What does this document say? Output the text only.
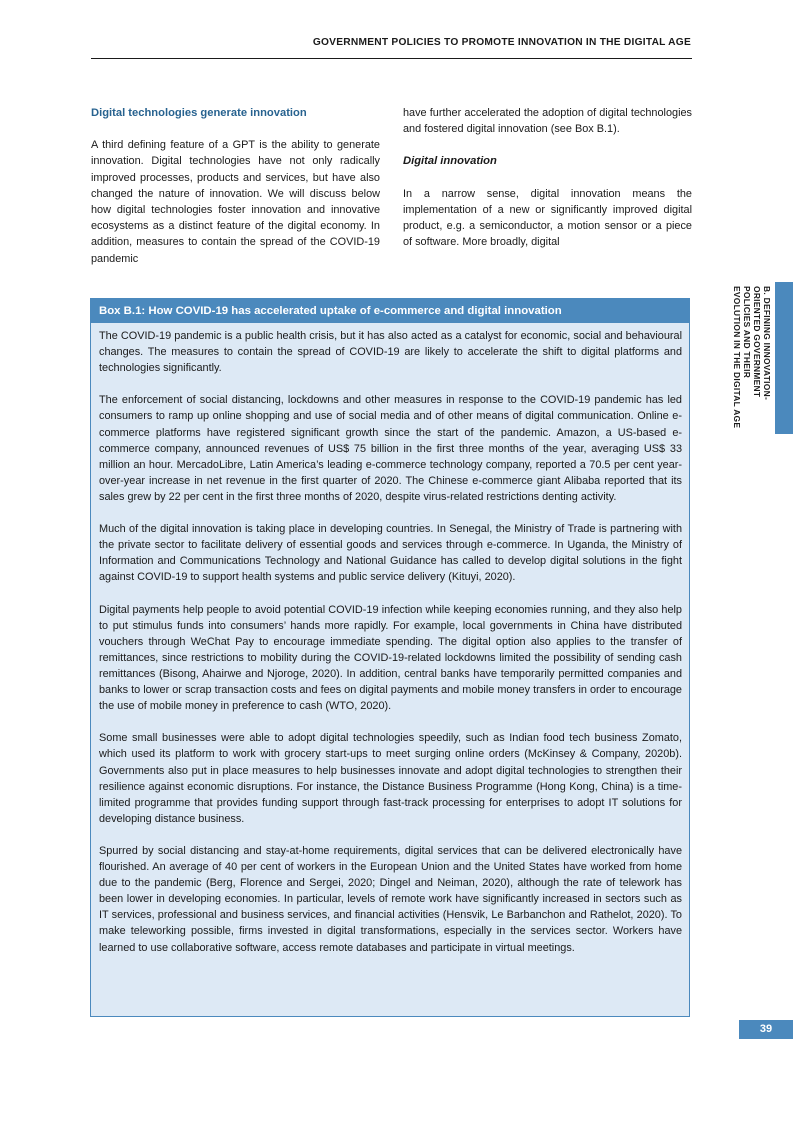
GOVERNMENT POLICIES TO PROMOTE INNOVATION IN THE DIGITAL AGE
Digital technologies generate innovation

A third defining feature of a GPT is the ability to generate innovation. Digital technologies have not only radically improved processes, products and services, but have also changed the nature of innovation. We will discuss below how digital technologies foster innovation and innovative ecosystems as a distinct feature of the digital economy. In addition, measures to contain the spread of the COVID-19 pandemic

have further accelerated the adoption of digital technologies and fostered digital innovation (see Box B.1).

Digital innovation

In a narrow sense, digital innovation means the implementation of a new or significantly improved digital product, e.g. a semiconductor, a motion sensor or a piece of software. More broadly, digital

B. DEFINING INNOVATION-
ORIENTED GOVERNMENT
POLICIES AND THEIR
EVOLUTION IN THE DIGITAL AGE
Box B.1: How COVID-19 has accelerated uptake of e-commerce and digital innovation

The COVID-19 pandemic is a public health crisis, but it has also acted as a catalyst for economic, social and behavioural changes. The measures to contain the spread of COVID-19 are likely to accelerate the shift to digital platforms and technologies significantly.

The enforcement of social distancing, lockdowns and other measures in response to the COVID-19 pandemic has led consumers to ramp up online shopping and use of social media and of other means of digital communication. Online e-commerce platforms have registered significant growth since the start of the pandemic. Amazon, a US-based e-commerce company, announced revenues of US$ 75 billion in the first three months of the year, averaging US$ 33 million an hour. MercadoLibre, Latin America’s leading e-commerce technology company, reported a 70.5 per cent year-over-year increase in net revenue in the first quarter of 2020. The Chinese e-commerce giant Alibaba reported that its sales grew by 22 per cent in the first three months of 2020, despite virus-related restrictions denting activity.

Much of the digital innovation is taking place in developing countries. In Senegal, the Ministry of Trade is partnering with the private sector to facilitate delivery of essential goods and services through e-commerce. In Uganda, the Ministry of Information and Communications Technology and National Guidance has called to develop digital solutions in the fight against COVID-19 to support health systems and public service delivery (Kituyi, 2020).

Digital payments help people to avoid potential COVID-19 infection while keeping economies running, and they also help to put stimulus funds into consumers’ hands more rapidly. For example, local governments in China have distributed vouchers through WeChat Pay to encourage immediate spending. The digital option also applies to the transfer of remittances, since restrictions to mobility during the COVID-19-related lockdowns limited the possibility of sending cash remittances (Bisong, Ahairwe and Njoroge, 2020). In addition, central banks have temporarily permitted companies and banks to lower or scrap transaction costs and fees on digital payments and mobile money transfers in order to encourage the use of mobile money in preference to cash (WTO, 2020).

Some small businesses were able to adopt digital technologies speedily, such as Indian food tech business Zomato, which used its platform to work with grocery start-ups to meet surging online orders (McKinsey & Company, 2020b). Governments also put in place measures to help businesses innovate and adopt digital technologies to strengthen their resilience against economic disruptions. For instance, the Distance Business Programme (Hong Kong, China) is a time-limited programme that provides funding support through fast-track processing for enterprises to adopt IT solutions for developing distance business.

Spurred by social distancing and stay-at-home requirements, digital services that can be delivered electronically have flourished. An average of 40 per cent of workers in the European Union and the United States have worked from home due to the pandemic (Berg, Florence and Sergei, 2020; Dingel and Neiman, 2020), although the rate of telework has been lower in developing economies. In particular, levels of remote work have significantly increased in sectors such as IT services, professional and business services, and financial activities (Hensvik, Le Barbanchon and Rathelot, 2020). To make teleworking possible, firms invested in digital transformations, especially in the services sector. Workers have learned to use collaborative software, access remote databases and participate in virtual meetings.

39
